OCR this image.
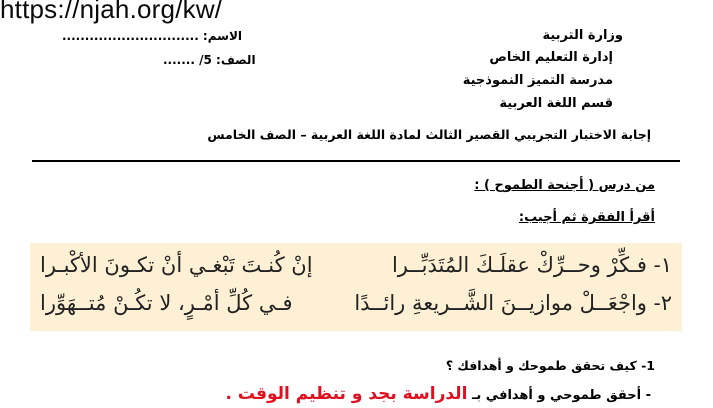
https://njah.org/kw/
وزارة التربية
إدارة التعليم الخاص
مدرسة التميز النموذجية
قسم اللغة العربية
إجابة الاختبار التجريبي القصير الثالث لمادة اللغة العربية – الصف الخامس
الاسم: ..............................
الصف: 5/ .......
من درس ( أجنحة الطموح ) :
أقرأ الفقرة ثم أجيب:
١- فـكِّرْ وحــرِّكْ عقلَـكَ المُتَدَبِّــرا
إنْ كُنـتَ تَبْغـي أنْ تكـونَ الأكْبـرا
٢- واجْعَــلْ موازيــنَ الشَّــريعةِ رائــدًا
فـي كُلِّ أمْـرٍ، لا تكُـنْ مُتــهَوِّرا
1- كيف تحقق طموحك و أهدافك ؟
- أحقق طموحي و أهدافي بـ الدراسة بجد و تنظيم الوقت .
